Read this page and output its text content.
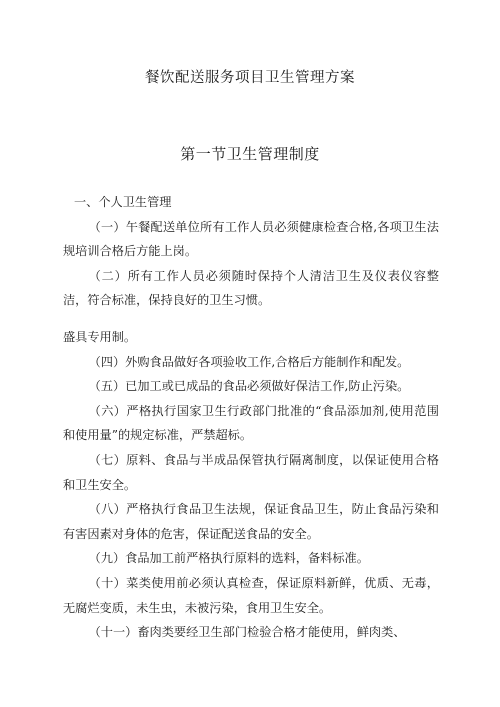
餐饮配送服务项目卫生管理方案
第一节卫生管理制度

一、个人卫生管理

（一）午餐配送单位所有工作人员必须健康检查合格,各项卫生法规培训合格后方能上岗。

（二）所有工作人员必须随时保持个人清洁卫生及仪表仪容整洁，符合标准，保持良好的卫生习惯。

盛具专用制。

（四）外购食品做好各项验收工作,合格后方能制作和配发。

（五）已加工或已成品的食品必须做好保洁工作,防止污染。

（六）严格执行国家卫生行政部门批准的“食品添加剂,使用范围和使用量”的规定标准，严禁超标。

（七）原料、食品与半成品保管执行隔离制度，以保证使用合格和卫生安全。

（八）严格执行食品卫生法规，保证食品卫生，防止食品污染和有害因素对身体的危害，保证配送食品的安全。

（九）食品加工前严格执行原料的选料，备料标准。

（十）菜类使用前必须认真检查，保证原料新鲜，优质、无毒，无腐烂变质，未生虫，未被污染，食用卫生安全。

（十一）畜肉类要经卫生部门检验合格才能使用，鲜肉类、
